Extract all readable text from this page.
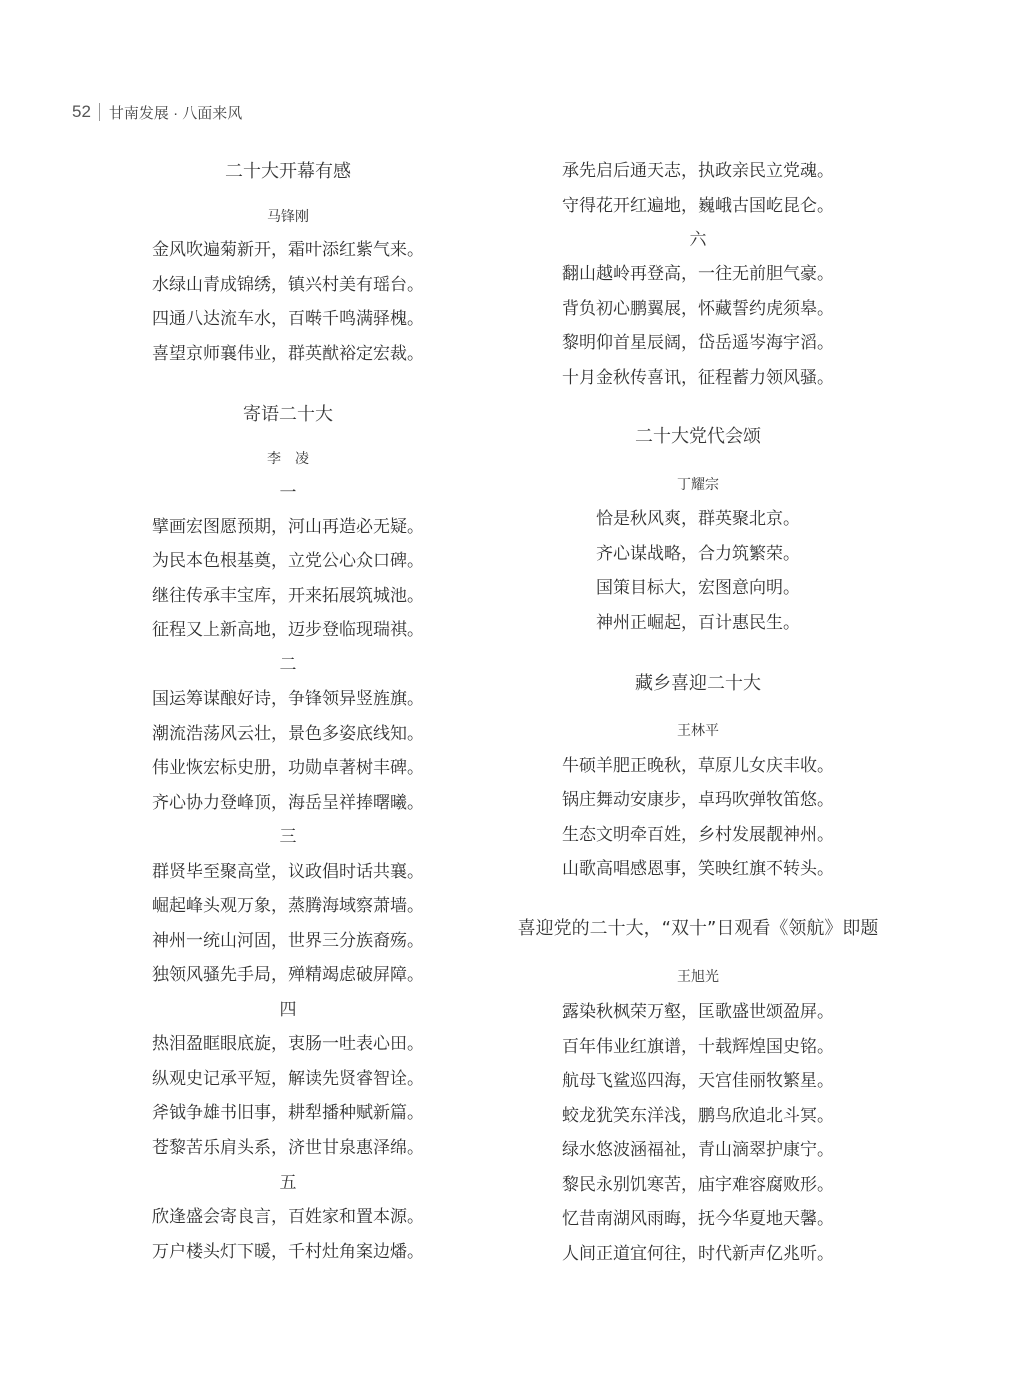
52 甘南发展 · 八面来风
二十大开幕有感
马锋刚
金风吹遍菊新开，霜叶添红紫气来。
水绿山青成锦绣，镇兴村美有瑶台。
四通八达流车水，百啭千鸣满驿槐。
喜望京师襄伟业，群英猷裕定宏裁。
寄语二十大
李　凌
一
擘画宏图愿预期，河山再造必无疑。
为民本色根基奠，立党公心众口碑。
继往传承丰宝库，开来拓展筑城池。
征程又上新高地，迈步登临现瑞祺。
二
国运筹谋酿好诗，争锋领异竖旌旗。
潮流浩荡风云壮，景色多姿底线知。
伟业恢宏标史册，功勋卓著树丰碑。
齐心协力登峰顶，海岳呈祥捧曙曦。
三
群贤毕至聚高堂，议政倡时话共襄。
崛起峰头观万象，蒸腾海域察萧墙。
神州一统山河固，世界三分族裔殇。
独领风骚先手局，殚精竭虑破屏障。
四
热泪盈眶眼底旋，衷肠一吐表心田。
纵观史记承平短，解读先贤睿智诠。
斧钺争雄书旧事，耕犁播种赋新篇。
苍黎苦乐肩头系，济世甘泉惠泽绵。
五
欣逢盛会寄良言，百姓家和置本源。
万户楼头灯下暖，千村灶角案边燔。
承先启后通天志，执政亲民立党魂。
守得花开红遍地，巍峨古国屹昆仑。
六
翻山越岭再登高，一往无前胆气豪。
背负初心鹏翼展，怀藏誓约虎须皋。
黎明仰首星辰阔，岱岳遥岑海宇滔。
十月金秋传喜讯，征程蓄力领风骚。
二十大党代会颂
丁耀宗
恰是秋风爽，群英聚北京。
齐心谋战略，合力筑繁荣。
国策目标大，宏图意向明。
神州正崛起，百计惠民生。
藏乡喜迎二十大
王林平
牛硕羊肥正晚秋，草原儿女庆丰收。
锅庄舞动安康步，卓玛吹弹牧笛悠。
生态文明牵百姓，乡村发展靓神州。
山歌高唱感恩事，笑映红旗不转头。
喜迎党的二十大，“双十”日观看《领航》即题
王旭光
露染秋枫荣万壑，匡歌盛世颂盈屏。
百年伟业红旗谱，十载辉煌国史铭。
航母飞鲨巡四海，天宫佳丽牧繁星。
蛟龙犹笑东洋浅，鹏鸟欣追北斗冥。
绿水悠波涵福祉，青山滴翠护康宁。
黎民永别饥寒苦，庙宇难容腐败形。
忆昔南湖风雨晦，抚今华夏地天馨。
人间正道宜何往，时代新声亿兆听。
